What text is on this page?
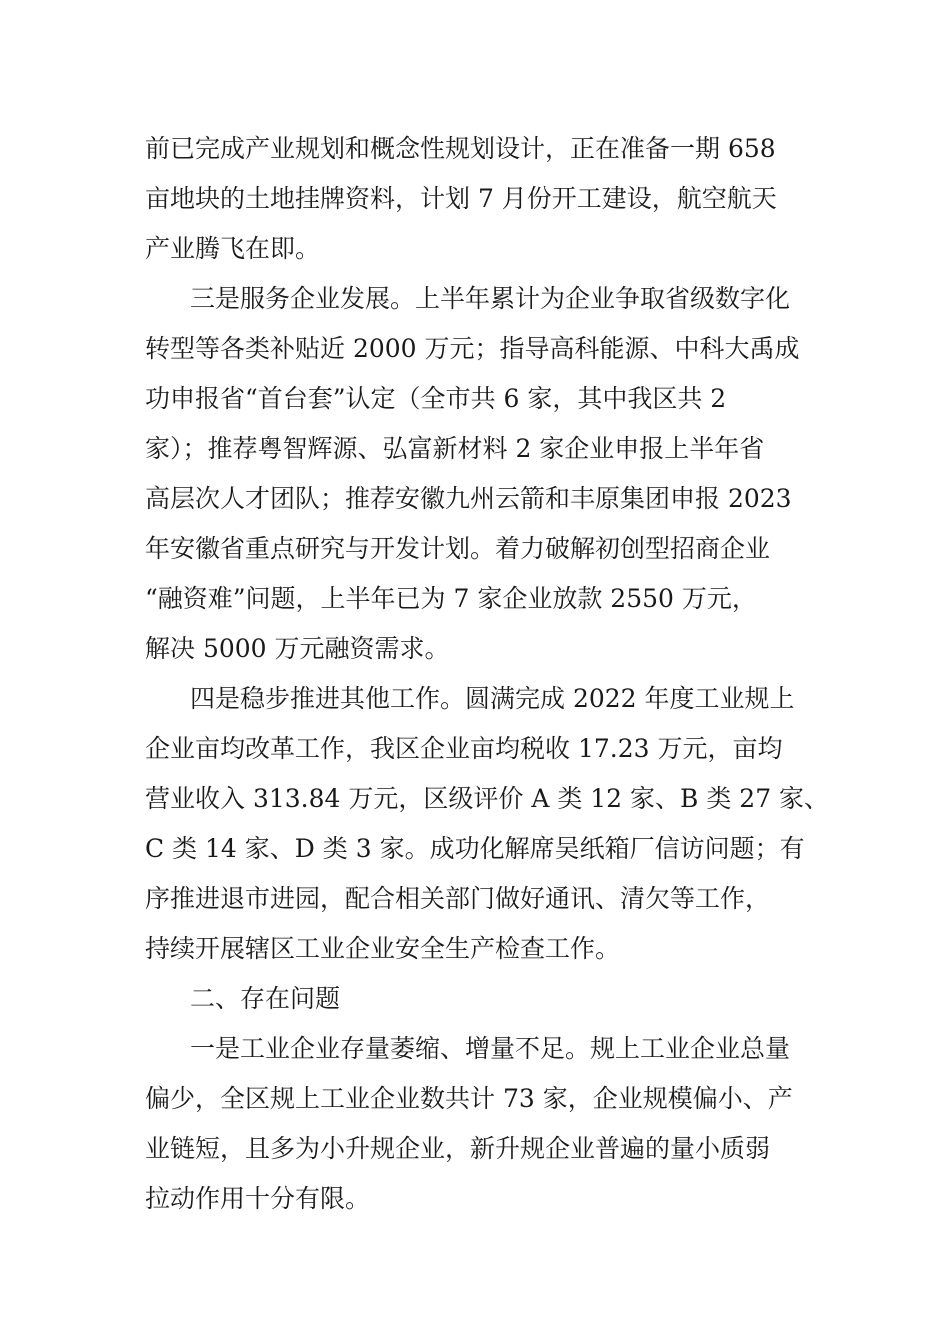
前已完成产业规划和概念性规划设计，正在准备一期 658
亩地块的土地挂牌资料，计划 7 月份开工建设，航空航天
产业腾飞在即。
三是服务企业发展。上半年累计为企业争取省级数字化
转型等各类补贴近 2000 万元；指导高科能源、中科大禹成
功申报省“首台套”认定（全市共 6 家，其中我区共 2
家）；推荐粤智辉源、弘富新材料 2 家企业申报上半年省
高层次人才团队；推荐安徽九州云箭和丰原集团申报 2023
年安徽省重点研究与开发计划。着力破解初创型招商企业
“融资难”问题，上半年已为 7 家企业放款 2550 万元，
解决 5000 万元融资需求。
四是稳步推进其他工作。圆满完成 2022 年度工业规上
企业亩均改革工作，我区企业亩均税收 17.23 万元，亩均
营业收入 313.84 万元，区级评价 A 类 12 家、B 类 27 家、
C 类 14 家、D 类 3 家。成功化解席吴纸箱厂信访问题；有
序推进退市进园，配合相关部门做好通讯、清欠等工作，
持续开展辖区工业企业安全生产检查工作。
二、存在问题
一是工业企业存量萎缩、增量不足。规上工业企业总量
偏少，全区规上工业企业数共计 73 家，企业规模偏小、产
业链短，且多为小升规企业，新升规企业普遍的量小质弱
拉动作用十分有限。
